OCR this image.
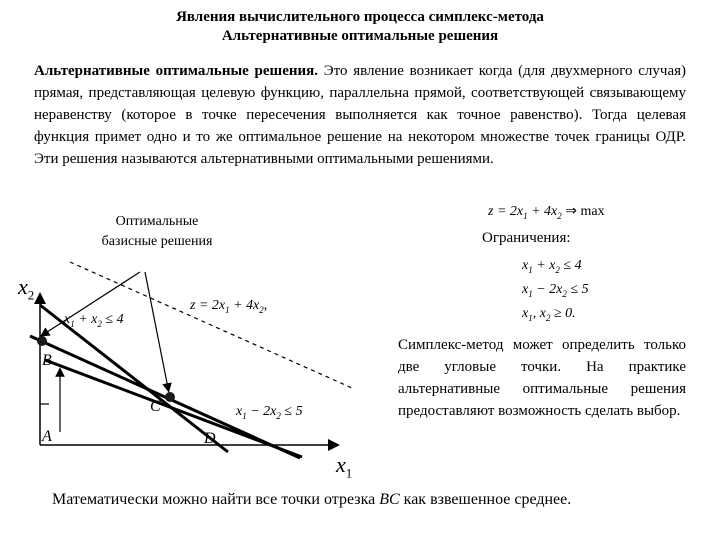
Явления вычислительного процесса симплекс-метода
Альтернативные оптимальные решения
Альтернативные оптимальные решения. Это явление возникает когда (для двухмерного случая) прямая, представляющая целевую функцию, параллельна прямой, соответствующей связывающему неравенству (которое в точке пересечения выполняется как точное равенство). Тогда целевая функция примет одно и то же оптимальное решение на некотором множестве точек границы ОДР. Эти решения называются альтернативными оптимальными решениями.
Оптимальные базисные решения
$z = 2x_1 + 4x_2$ ⇒ max
Ограничения:
$x_1 + x_2 \le 4$
$x_1 - 2x_2 \le 5$
$x_1$, $x_2 \ge 0$.
$x_2$
$x_1$
B
C
A	D
$x_1 + x_2 \le 4$
$z = 2x_1 + 4x_2$,
$x_1 - 2x_2 \le 5$
Симплекс-метод может определить только две угловые точки. На практике альтернативные оптимальные решения предоставляют возможность сделать выбор.
Математически можно найти все точки отрезка BC как взвешенное среднее.
